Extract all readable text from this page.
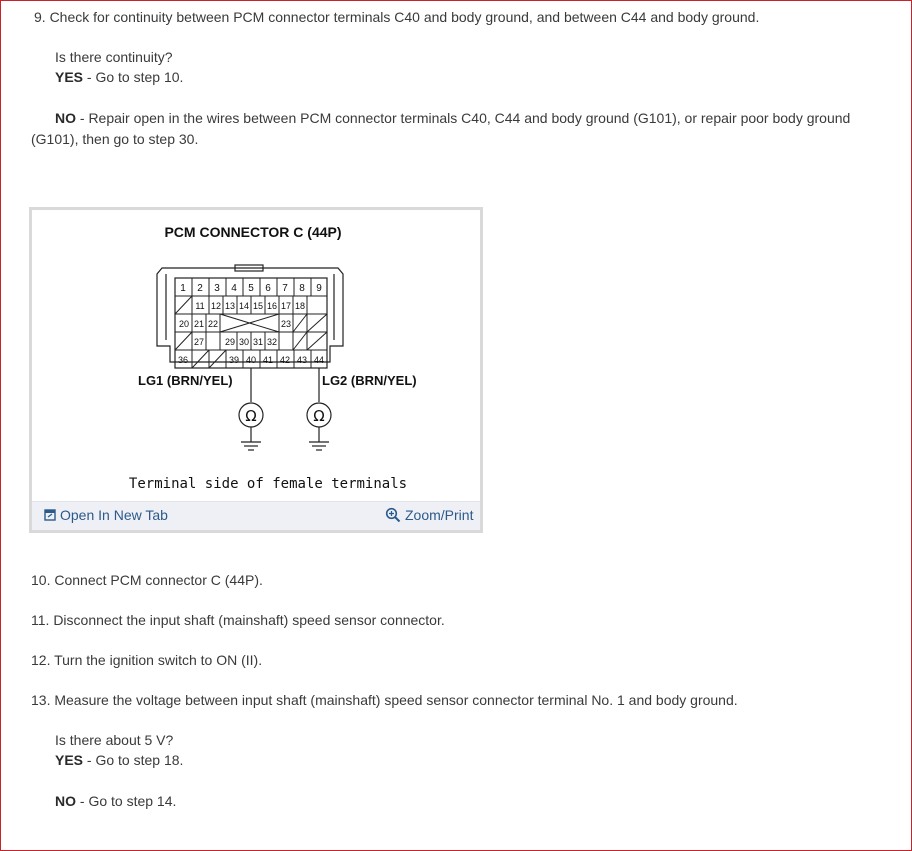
9. Check for continuity between PCM connector terminals C40 and body ground, and between C44 and body ground.
Is there continuity?
YES - Go to step 10.
NO - Repair open in the wires between PCM connector terminals C40, C44 and body ground (G101), or repair poor body ground (G101), then go to step 30.
PCM CONNECTOR C (44P)
1 2 3 4 5 6 7 8 9
11 12 13 14 15 16 17 18
20 21 22	23
27 29 30 31 32
36	39 40 41 42 43 44
LG1 (BRN/YEL)	LG2 (BRN/YEL)
Ω	Ω
Terminal side of female terminals
Open In New Tab	Zoom/Print
10. Connect PCM connector C (44P).
11. Disconnect the input shaft (mainshaft) speed sensor connector.
12. Turn the ignition switch to ON (II).
13. Measure the voltage between input shaft (mainshaft) speed sensor connector terminal No. 1 and body ground.
Is there about 5 V?
YES - Go to step 18.
NO - Go to step 14.
